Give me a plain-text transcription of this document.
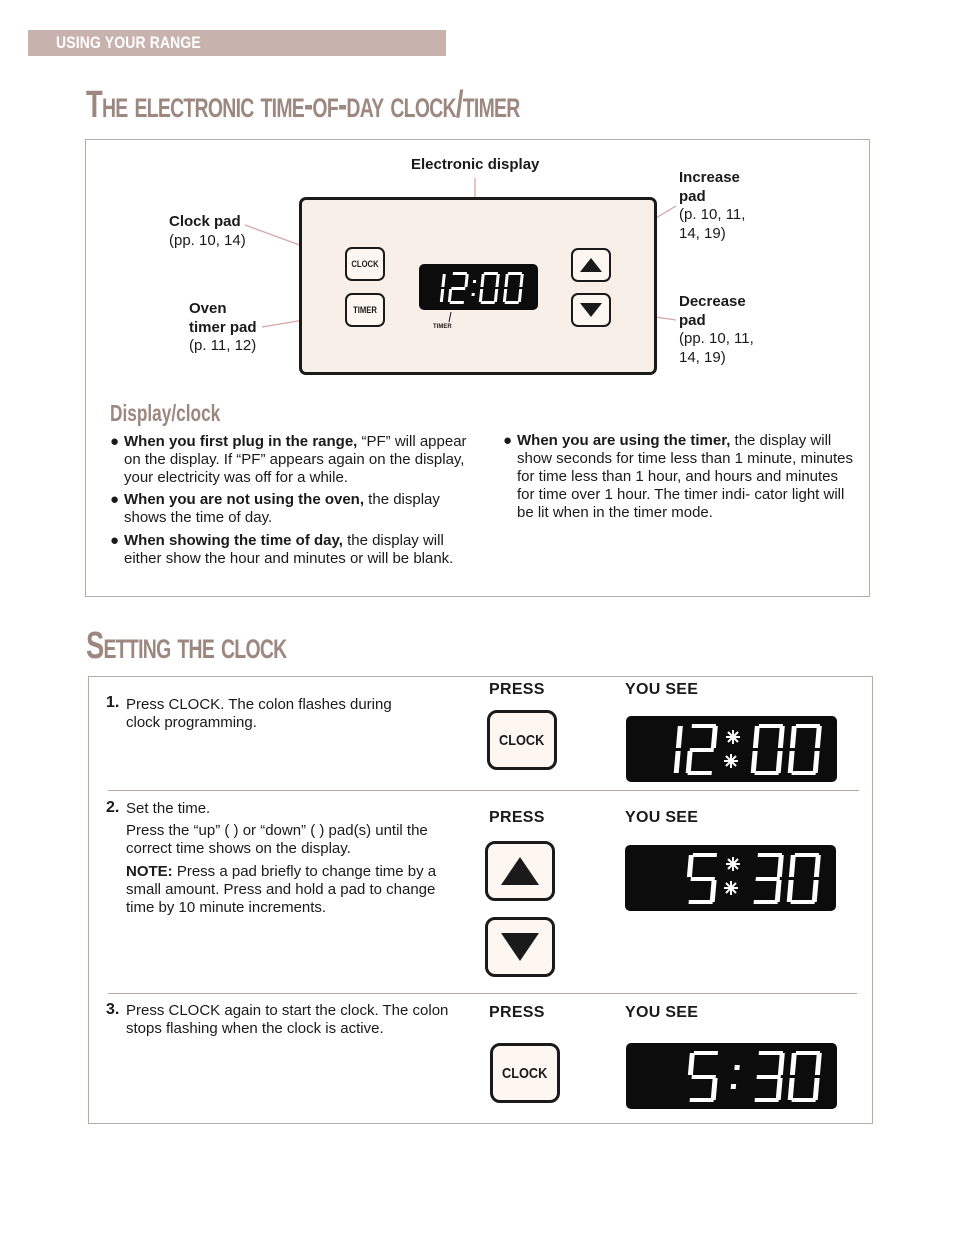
USING YOUR RANGE
The electronic time-of-day clock/timer
Electronic display
Clock pad
(pp. 10, 14)
Oven
timer pad
(p. 11, 12)
Increase
pad
(p. 10, 11,
14, 19)
Decrease
pad
(pp. 10, 11,
14, 19)
CLOCK
TIMER
TIMER
Display/clock
● When you first plug in the range, “PF” will appear on the display. If “PF” appears again on the display, your electricity was off for a while.
● When you are not using the oven, the display shows the time of day.
● When showing the time of day, the display will either show the hour and minutes or will be blank.
● When you are using the timer, the display will show seconds for time less than 1 minute, minutes for time less than 1 hour, and hours and minutes for time over 1 hour. The timer indi- cator light will be lit when in the timer mode.
Setting the clock
1. Press CLOCK. The colon flashes during
clock programming.
PRESS	YOU SEE
CLOCK
2. Set the time.
Press the “up” ( ) or “down” ( ) pad(s) until the correct time shows on the display.
NOTE: Press a pad briefly to change time by a small amount. Press and hold a pad to change time by 10 minute increments.
PRESS	YOU SEE
3. Press CLOCK again to start the clock. The colon
stops flashing when the clock is active.
PRESS	YOU SEE
CLOCK
